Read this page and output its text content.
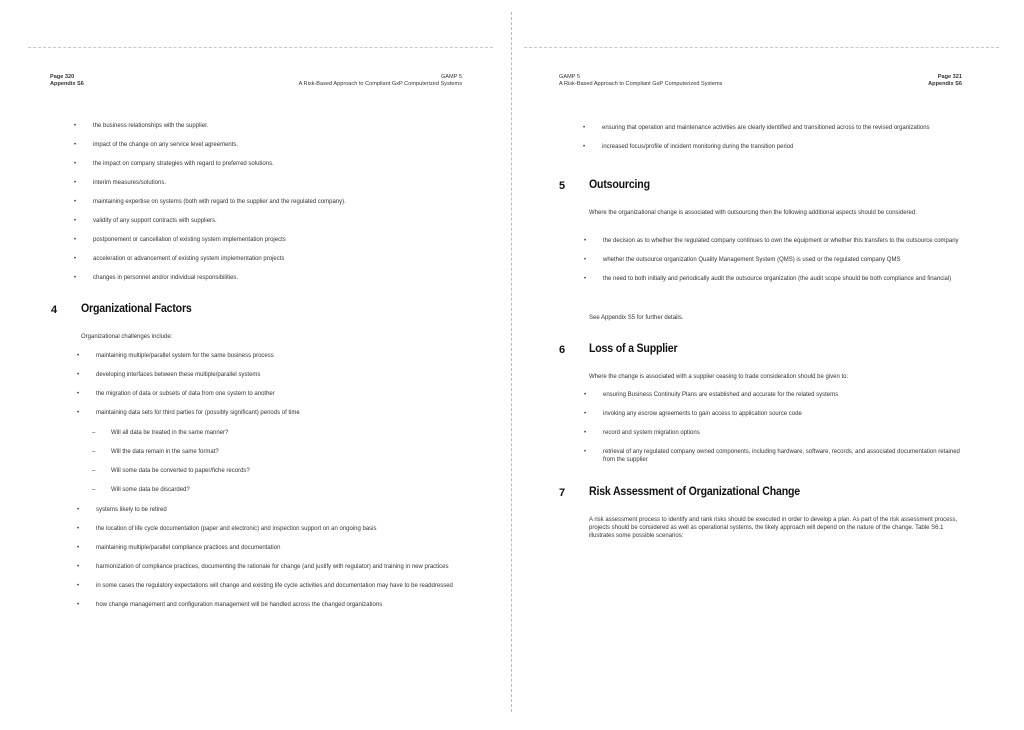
Page 320
Appendix S6
GAMP 5
A Risk-Based Approach to Compliant GxP Computerized Systems
• the business relationships with the supplier.
• impact of the change on any service level agreements.
• the impact on company strategies with regard to preferred solutions.
• interim measures/solutions.
• maintaining expertise on systems (both with regard to the supplier and the regulated company).
• validity of any support contracts with suppliers.
• postponement or cancellation of existing system implementation projects
• acceleration or advancement of existing system implementation projects
• changes in personnel and/or individual responsibilities.
4 Organizational Factors

Organizational challenges include:

• maintaining multiple/parallel system for the same business process
• developing interfaces between these multiple/parallel systems
• the migration of data or subsets of data from one system to another
• maintaining data sets for third parties for (possibly significant) periods of time
– Will all data be treated in the same manner?
– Will the data remain in the same format?
– Will some data be converted to paper/fiche records?
– Will some data be discarded?
• systems likely to be retired
• the location of life cycle documentation (paper and electronic) and inspection support on an ongoing basis
• maintaining multiple/parallel compliance practices and documentation
• harmonization of compliance practices, documenting the rationale for change (and justify with regulator) and training in new practices
• in some cases the regulatory expectations will change and existing life cycle activities and documentation may have to be readdressed
• how change management and configuration management will be handled across the changed organizations
GAMP 5
A Risk-Based Approach to Compliant GxP Computerized Systems
Page 321
Appendix S6
• ensuring that operation and maintenance activities are clearly identified and transitioned across to the revised organizations
• increased focus/profile of incident monitoring during the transition period
5 Outsourcing

Where the organizational change is associated with outsourcing then the following additional aspects should be considered:

• the decision as to whether the regulated company continues to own the equipment or whether this transfers to the outsource company
• whether the outsource organization Quality Management System (QMS) is used or the regulated company QMS
• the need to both initially and periodically audit the outsource organization (the audit scope should be both compliance and financial)

See Appendix S5 for further details.

6 Loss of a Supplier

Where the change is associated with a supplier ceasing to trade consideration should be given to:

• ensuring Business Continuity Plans are established and accurate for the related systems
• invoking any escrow agreements to gain access to application source code
• record and system migration options
• retrieval of any regulated company owned components, including hardware, software, records, and associated documentation retained from the supplier
7 Risk Assessment of Organizational Change

A risk assessment process to identify and rank risks should be executed in order to develop a plan. As part of the risk assessment process, projects should be considered as well as operational systems, the likely approach will depend on the nature of the change. Table S6.1 illustrates some possible scenarios:
